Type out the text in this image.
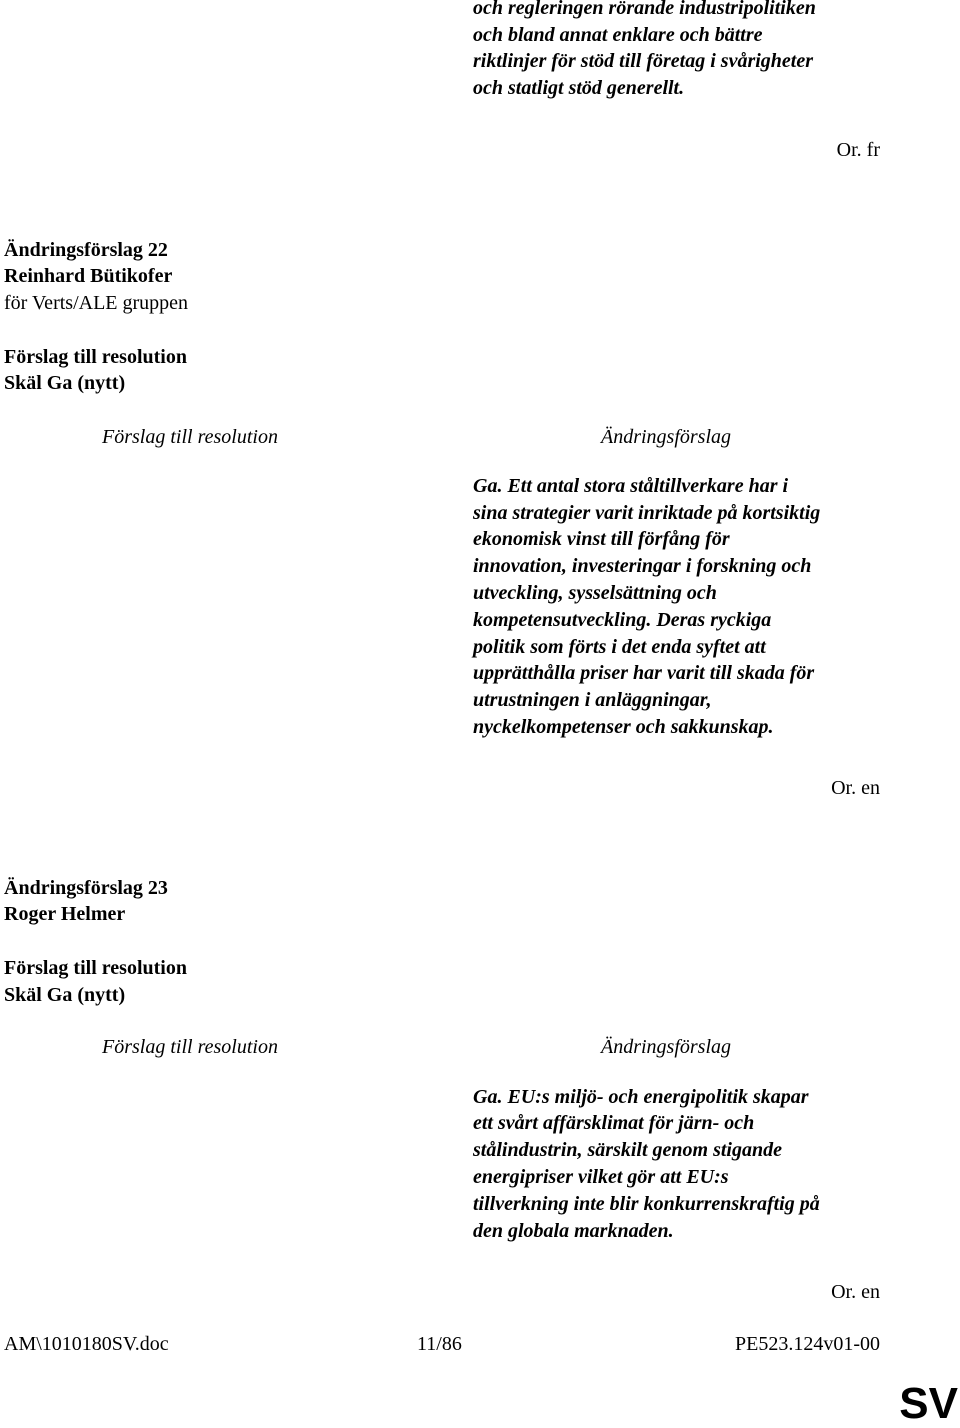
och regleringen rörande industripolitiken
och bland annat enklare och bättre
riktlinjer för stöd till företag i svårigheter
och statligt stöd generellt.
Or. fr
Ändringsförslag 22
Reinhard Bütikofer
för Verts/ALE gruppen
Förslag till resolution
Skäl Ga (nytt)
Förslag till resolution	Ändringsförslag
Ga. Ett antal stora ståltillverkare har i
sina strategier varit inriktade på kortsiktig
ekonomisk vinst till förfång för
innovation, investeringar i forskning och
utveckling, sysselsättning och
kompetensutveckling. Deras ryckiga
politik som förts i det enda syftet att
upprätthålla priser har varit till skada för
utrustningen i anläggningar,
nyckelkompetenser och sakkunskap.
Or. en
Ändringsförslag 23
Roger Helmer
Förslag till resolution
Skäl Ga (nytt)
Förslag till resolution	Ändringsförslag
Ga. EU:s miljö- och energipolitik skapar
ett svårt affärsklimat för järn- och
stålindustrin, särskilt genom stigande
energipriser vilket gör att EU:s
tillverkning inte blir konkurrenskraftig på
den globala marknaden.
Or. en
AM\1010180SV.doc	11/86	PE523.124v01-00
SV
